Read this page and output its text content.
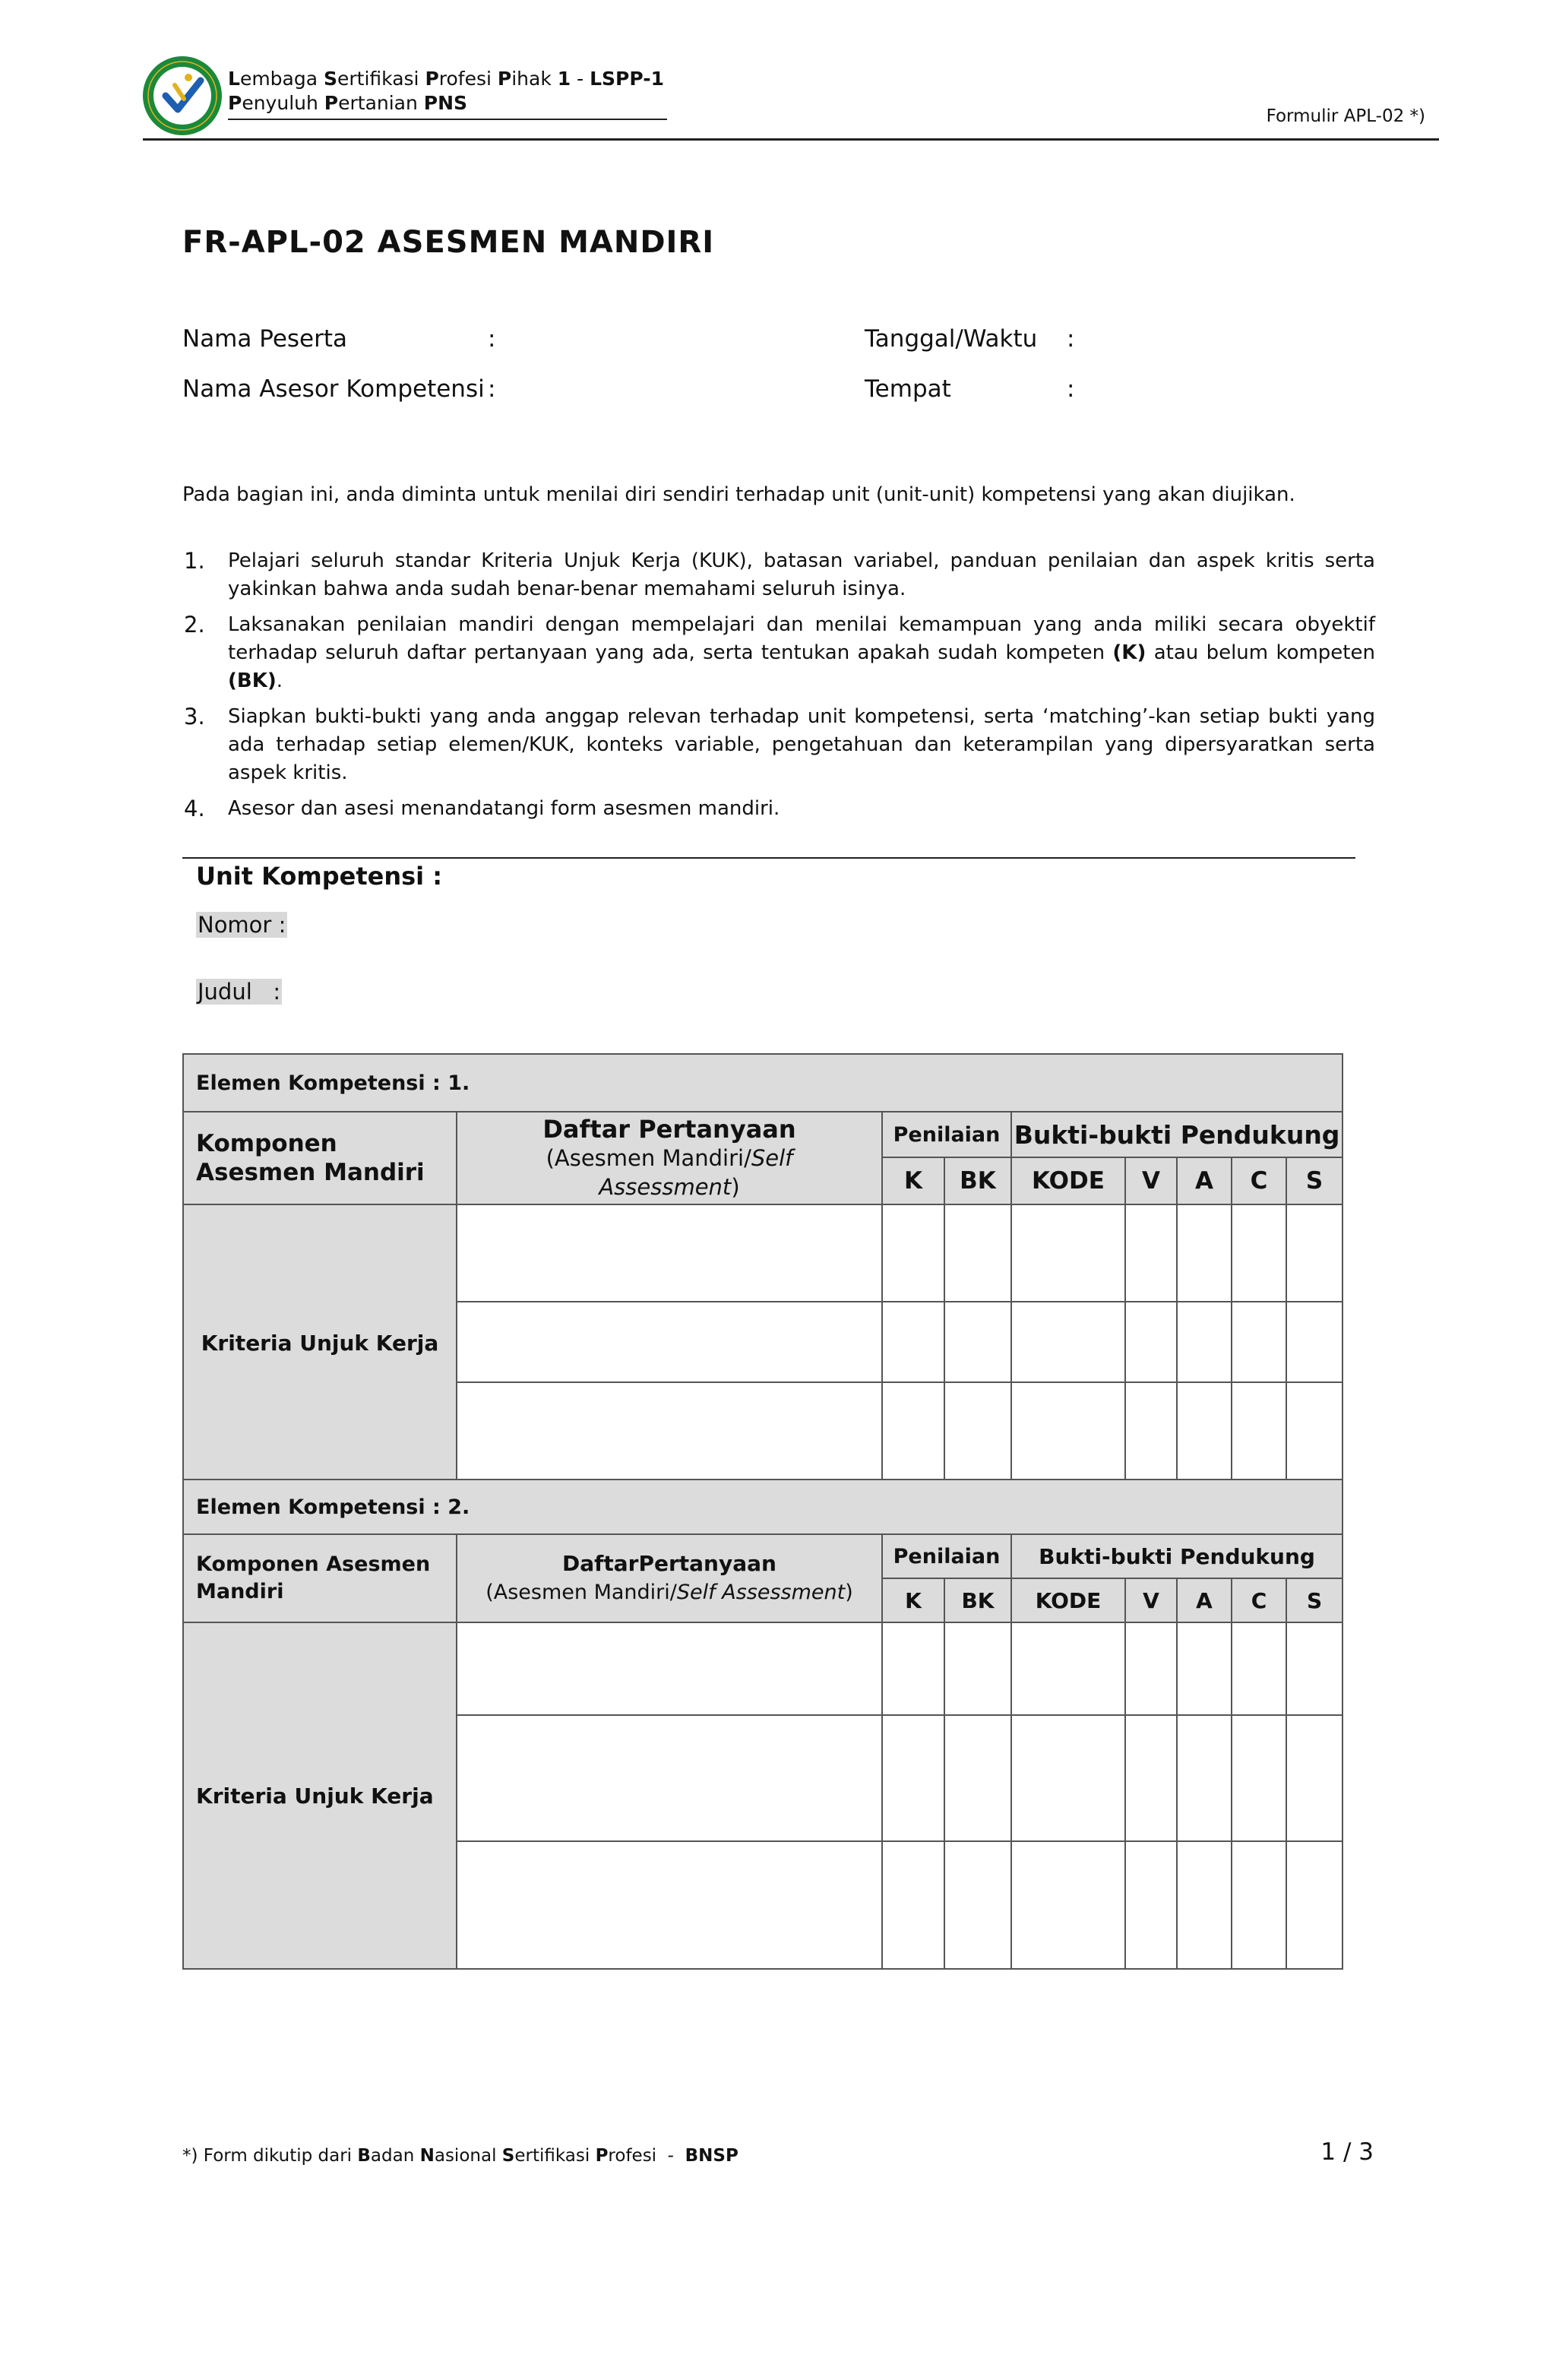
Lembaga Sertifikasi Profesi Pihak 1 - LSPP-1
Penyuluh Pertanian PNS
Formulir APL-02 *)
FR-APL-02 ASESMEN MANDIRI
Nama Peserta	:
Nama Asesor Kompetensi :
Tanggal/Waktu :
Tempat	:
Pada bagian ini, anda diminta untuk menilai diri sendiri terhadap unit (unit-unit) kompetensi yang akan diujikan.
1. Pelajari seluruh standar Kriteria Unjuk Kerja (KUK), batasan variabel, panduan penilaian dan aspek kritis serta yakinkan bahwa anda sudah benar-benar memahami seluruh isinya.
2. Laksanakan penilaian mandiri dengan mempelajari dan menilai kemampuan yang anda miliki secara obyektif terhadap seluruh daftar pertanyaan yang ada, serta tentukan apakah sudah kompeten (K) atau belum kompeten (BK).
3. Siapkan bukti-bukti yang anda anggap relevan terhadap unit kompetensi, serta ‘matching’-kan setiap bukti yang ada terhadap setiap elemen/KUK, konteks variable, pengetahuan dan keterampilan yang dipersyaratkan serta aspek kritis.
4. Asesor dan asesi menandatangi form asesmen mandiri.
Unit Kompetensi :
Nomor :
Judul   :
Elemen Kompetensi : 1.								
Komponen
Asesmen Mandiri	Daftar Pertanyaan
(Asesmen Mandiri/Self
Assessment)	Penilaian		Bukti-bukti Pendukung				
		K	BK	KODE	V	A	C	S
Kriteria Unjuk Kerja								

Elemen Kompetensi : 2.								
Komponen Asesmen
Mandiri	DaftarPertanyaan
(Asesmen Mandiri/Self Assessment)	Penilaian		Bukti-bukti Pendukung				
		K	BK	KODE	V	A	C	S
Kriteria Unjuk Kerja								

*) Form dikutip dari Badan Nasional Sertifikasi Profesi  -  BNSP	1 / 3
